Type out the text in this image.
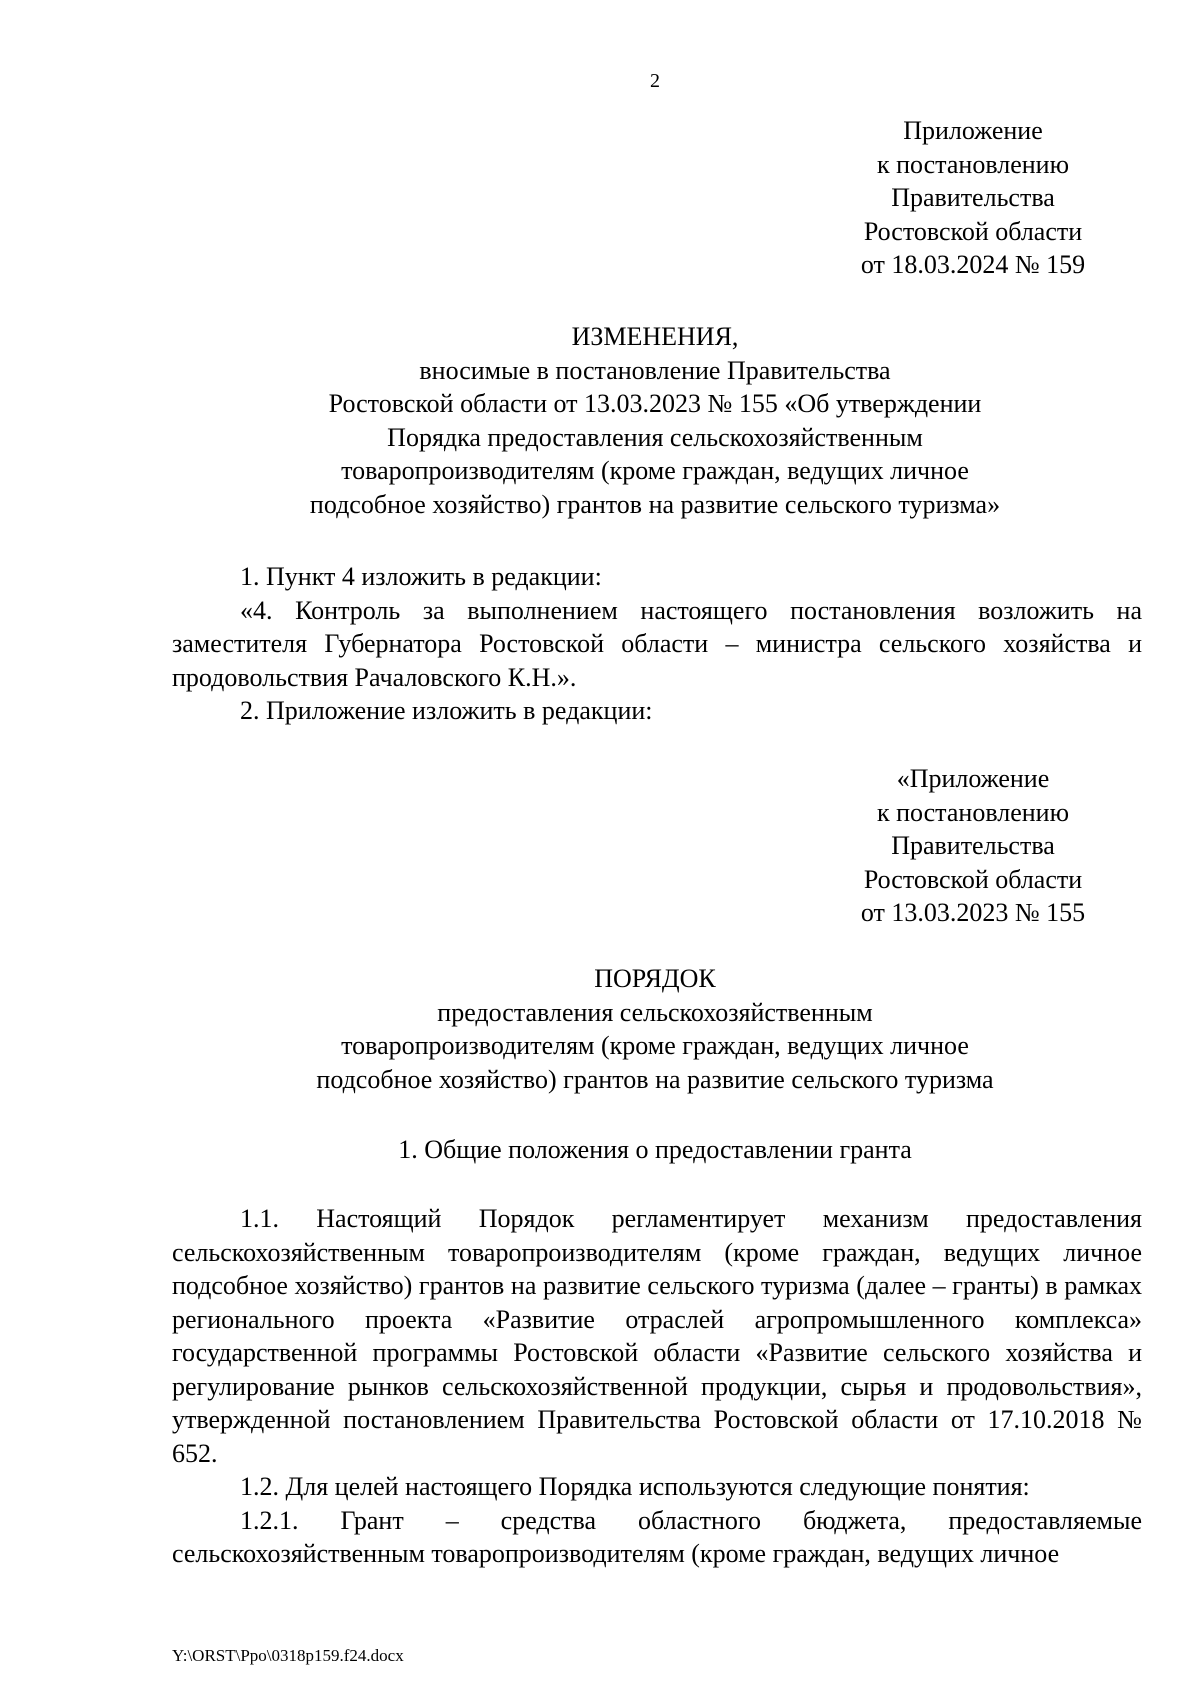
2
Приложение
к постановлению
Правительства
Ростовской области
от 18.03.2024 № 159
ИЗМЕНЕНИЯ,
вносимые в постановление Правительства
Ростовской области от 13.03.2023 № 155 «Об утверждении
Порядка предоставления сельскохозяйственным
товаропроизводителям (кроме граждан, ведущих личное
подсобное хозяйство) грантов на развитие сельского туризма»

1. Пункт 4 изложить в редакции:

«4. Контроль за выполнением настоящего постановления возложить на заместителя Губернатора Ростовской области – министра сельского хозяйства и продовольствия Рачаловского К.Н.».

2. Приложение изложить в редакции:

«Приложение
к постановлению
Правительства
Ростовской области
от 13.03.2023 № 155
ПОРЯДОК
предоставления сельскохозяйственным
товаропроизводителям (кроме граждан, ведущих личное
подсобное хозяйство) грантов на развитие сельского туризма
1. Общие положения о предоставлении гранта

1.1. Настоящий Порядок регламентирует механизм предоставления сельскохозяйственным товаропроизводителям (кроме граждан, ведущих личное подсобное хозяйство) грантов на развитие сельского туризма (далее – гранты) в рамках регионального проекта «Развитие отраслей агропромышленного комплекса» государственной программы Ростовской области «Развитие сельского хозяйства и регулирование рынков сельскохозяйственной продукции, сырья и продовольствия», утвержденной постановлением Правительства Ростовской области от 17.10.2018 № 652.

1.2. Для целей настоящего Порядка используются следующие понятия:

1.2.1. Грант – средства областного бюджета, предоставляемые сельскохозяйственным товаропроизводителям (кроме граждан, ведущих личное

Y:\ORST\Ppo\0318p159.f24.docx
